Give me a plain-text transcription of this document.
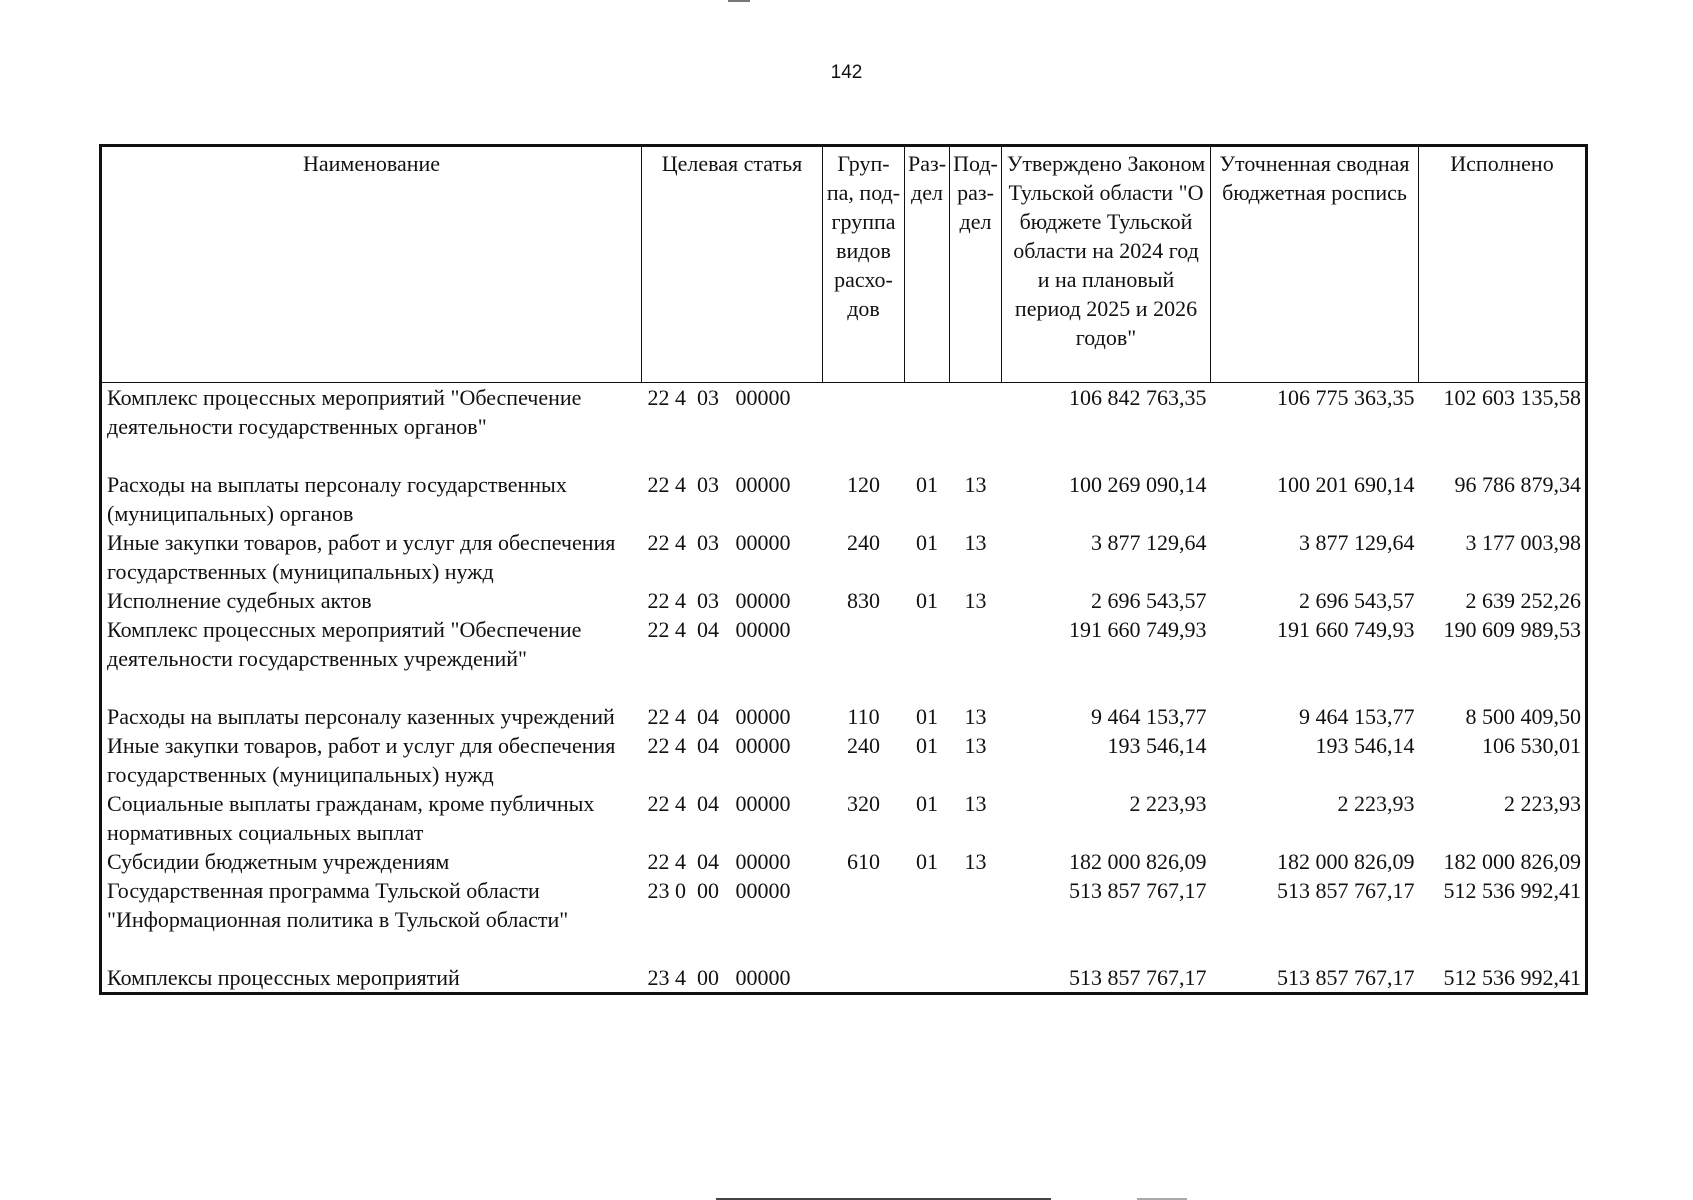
142
Наименование	Целевая статья	Груп-па, под-группа видов расхо-дов	Раз-дел	Под-раз-дел	Утверждено Законом Тульской области "О бюджете Тульской области на 2024 год и на плановый период 2025 и 2026 годов"	Уточненная сводная бюджетная роспись	Исполнено
Комплекс процессных мероприятий "Обеспечение деятельности государственных органов"	22 4  03   00000				106 842 763,35	106 775 363,35	102 603 135,58
Расходы на выплаты персоналу государственных (муниципальных) органов	22 4  03   00000	120	01	13	100 269 090,14	100 201 690,14	96 786 879,34
Иные закупки товаров, работ и услуг для обеспечения государственных (муниципальных) нужд	22 4  03   00000	240	01	13	3 877 129,64	3 877 129,64	3 177 003,98
Исполнение судебных актов	22 4  03   00000	830	01	13	2 696 543,57	2 696 543,57	2 639 252,26
Комплекс процессных мероприятий "Обеспечение деятельности государственных учреждений"	22 4  04   00000				191 660 749,93	191 660 749,93	190 609 989,53
Расходы на выплаты персоналу казенных учреждений	22 4  04   00000	110	01	13	9 464 153,77	9 464 153,77	8 500 409,50
Иные закупки товаров, работ и услуг для обеспечения государственных (муниципальных) нужд	22 4  04   00000	240	01	13	193 546,14	193 546,14	106 530,01
Социальные выплаты гражданам, кроме публичных нормативных социальных выплат	22 4  04   00000	320	01	13	2 223,93	2 223,93	2 223,93
Субсидии бюджетным учреждениям	22 4  04   00000	610	01	13	182 000 826,09	182 000 826,09	182 000 826,09
Государственная программа Тульской области "Информационная политика в Тульской области"	23 0  00   00000				513 857 767,17	513 857 767,17	512 536 992,41
Комплексы процессных мероприятий	23 4  00   00000				513 857 767,17	513 857 767,17	512 536 992,41
